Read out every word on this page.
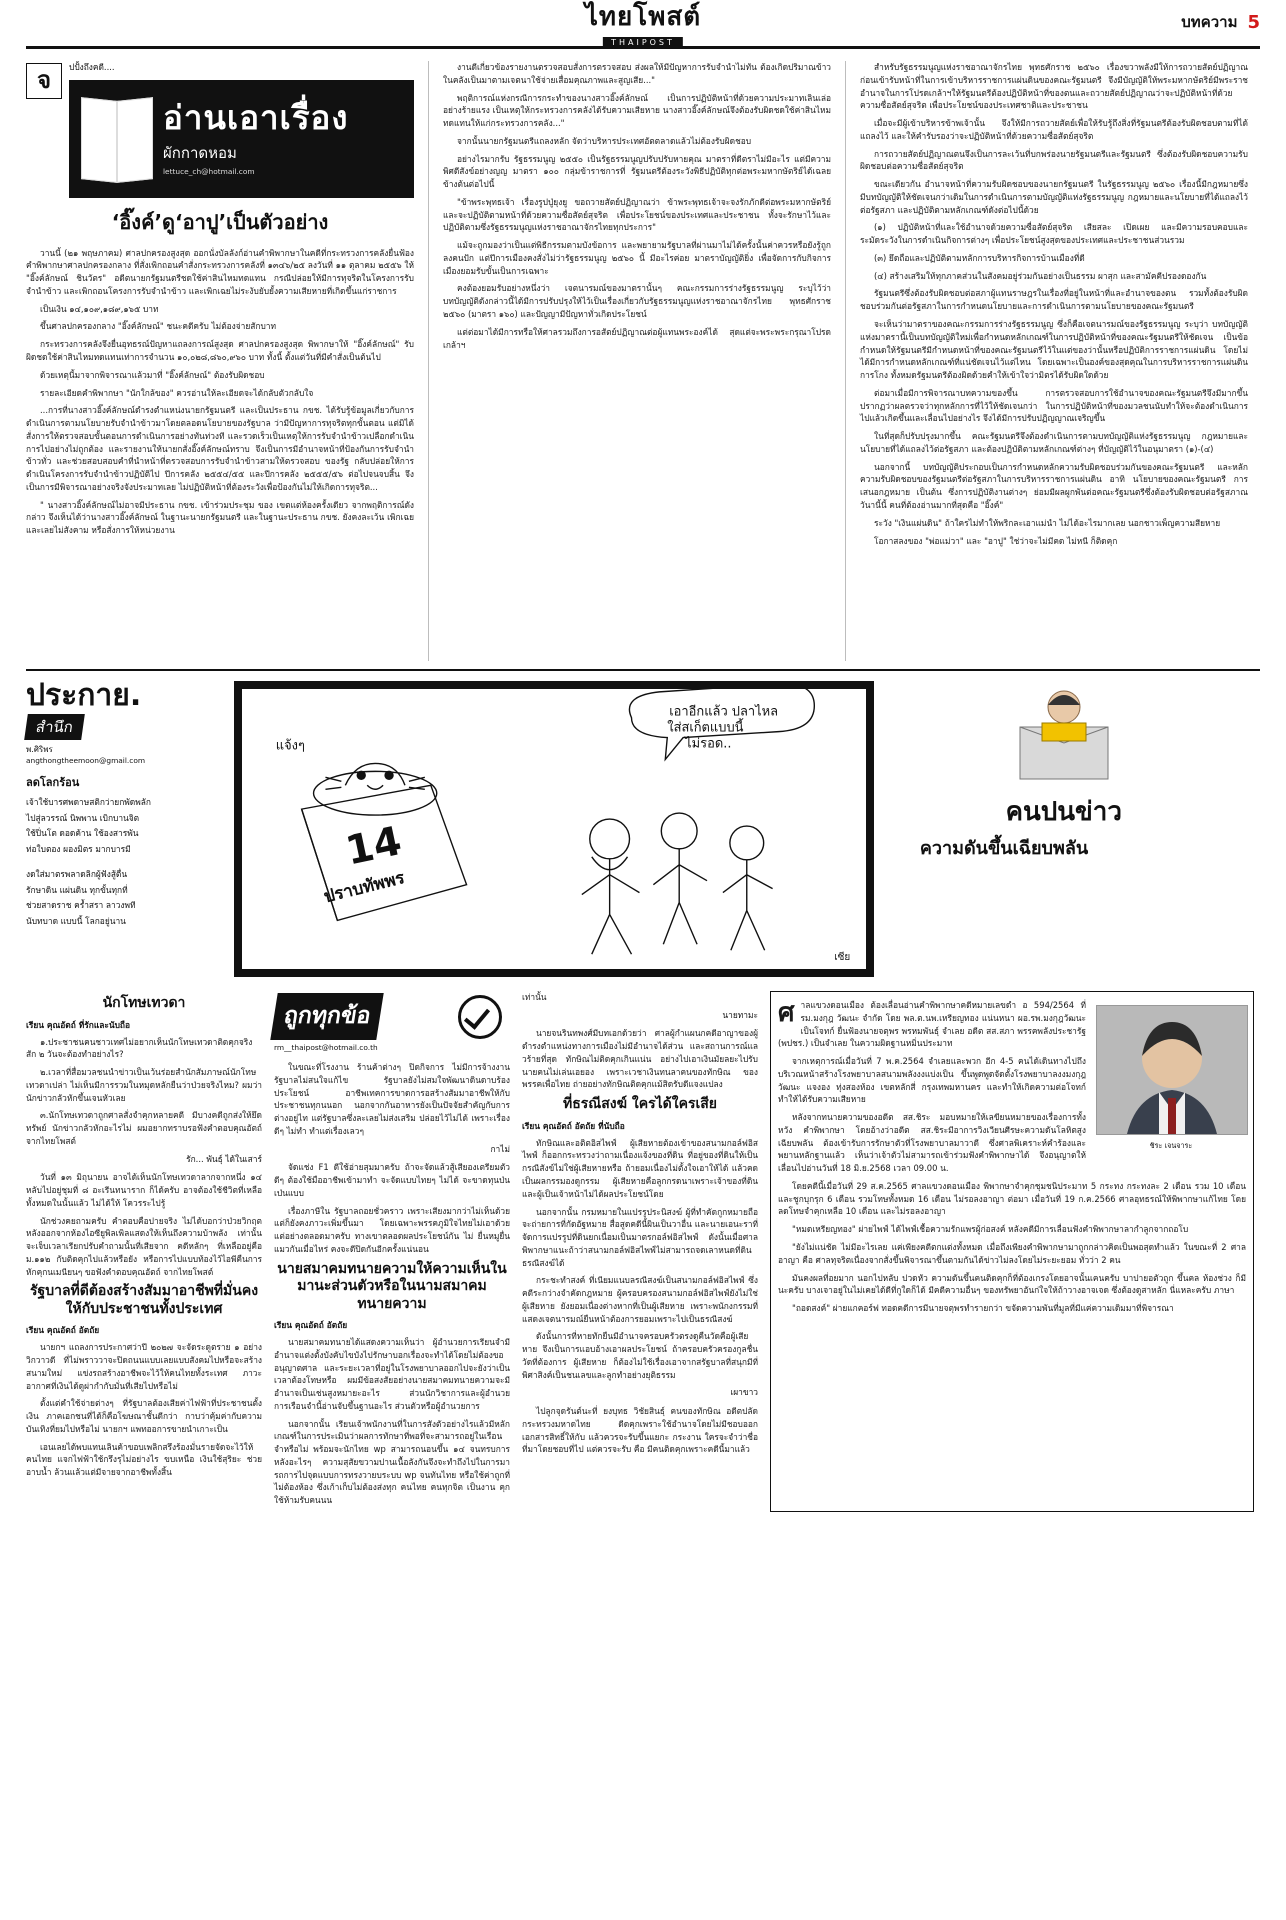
ไทยโพสต์
THAIPOST
บทความ 5
จ	ปปั้งถึงคดี....
อ่านเอาเรื่อง
ผักกาดหอม
lettuce_ch@hotmail.com
‘อิ๊งค์’ดู‘อาปู’เป็นตัวอย่าง

วานนี้ (๒๑ พฤษภาคม) ศาลปกครองสูงสุด ออกนั่งบัลลังก์อ่านคำพิพากษาในคดีที่กระทรวงการคลังยื่นฟ้องคำพิพากษาศาลปกครองกลาง ที่สั่งเพิกถอนคำสั่งกระทรวงการคลังที่ ๑๓๔๖/๒๕ ลงวันที่ ๑๑ ตุลาคม ๒๕๕๖ ให้ "อิ๊งค์ลักษณ์ ชินวัตร" อดีตนายกรัฐมนตรีชดใช้ค่าสินไหมทดแทน กรณีปล่อยให้มีการทุจริตในโครงการรับจำนำข้าว และเพิกถอนโครงการรับจำนำข้าว และเพิกเฉยไม่ระงับยับยั้งความเสียหายที่เกิดขึ้นแก่ราชการ

เป็นเงิน ๑๔,๑๐๙,๑๘๙,๑๖๕ บาท

ขึ้นศาลปกครองกลาง "อิ๊งค์ลักษณ์" ชนะคดีครับ ไม่ต้องจ่ายสักบาท

กระทรวงการคลังจึงยื่นอุทธรณ์ปัญหาแถลงการณ์สูงสุด ศาลปกครองสูงสุด พิพากษาให้ "อิ๊งค์ลักษณ์" รับผิดชดใช้ค่าสินไหมทดแทนเท่าการจำนวน ๑๐,๐๒๘,๘๖๐,๙๖๐ บาท ทั้งนี้ ตั้งแต่วันที่มีคำสั่งเป็นต้นไป

ด้วยเหตุนี้มาจากพิจารณาแล้วมาที่ "อิ๊งค์ลักษณ์" ต้องรับผิดชอบ

รายละเอียดคำพิพากษา "นักใกล้ของ" ควรอ่านให้ละเอียดจะได้กลับตัวกลับใจ

...การที่นางสาวอิ๊งค์ลักษณ์ดำรงตำแหน่งนายกรัฐมนตรี และเป็นประธาน กขช. ได้รับรู้ข้อมูลเกี่ยวกับการดำเนินการตามนโยบายรับจำนำข้าวมาโดยตลอดนโยบายของรัฐบาล ว่ามีปัญหาการทุจริตทุกขั้นตอน แต่มิได้สั่งการให้ตรวจสอบขั้นตอนการดำเนินการอย่างทันท่วงที และรวดเร็วเป็นเหตุให้การรับจำนำข้าวเปลือกดำเนินการไปอย่างไม่ถูกต้อง และรายงานให้นายกสั่งอิ๊งค์ลักษณ์ทราบ จึงเป็นการมีอำนาจหน้าที่ป้องกันการรับจำนำข้าวทั่ว และช่วยสอบสอบคำที่นำหน้าที่ตรวจสอบการรับจำนำข้าวสามให้ตรวจสอบ ของรัฐ กลับปล่อยให้การดำเนินโครงการรับจำนำข้าวปฏิบัติไป ปีการคลัง ๒๕๕๔/๕๕ และปีการคลัง ๒๕๕๕/๕๖ ต่อไปจนจบสิ้น จึงเป็นการมีพิจารณาอย่างจริงจังประมาทเลย ไม่ปฏิบัติหน้าที่ต้องระวังเพื่อป้องกันไม่ให้เกิดการทุจริต...

" นางสาวอิ๊งค์ลักษณ์ไม่อาจมีประธาน กขช. เข้าร่วมประชุม ของ เขตแต่ห้องครั้งเดียว จากพฤติการณ์ดังกล่าว จึงเห็นได้ว่านางสาวอิ๊งค์ลักษณ์ ในฐานะนายกรัฐมนตรี และในฐานะประธาน กขช. ยังคงละเว้น เพิกเฉย และเลยไม่สังคาม หรือสั่งการให้หน่วยงาน

งานดีเกี่ยวข้องรายงานตรวจสอบสั่งการตรวจสอบ ส่งผลให้มีปัญหาการรับจำนำไม่ทัน ต้องเกิดปริมาณข้าวในคลังเป็นมาตามเจตนาใช้จ่ายเสื่อมคุณภาพและสูญเสีย..."

พฤติการณ์แห่งกรณีการกระทำของนางสาวอิ๊งค์ลักษณ์ เป็นการปฏิบัติหน้าที่ด้วยความประมาทเลินเล่ออย่างร้ายแรง เป็นเหตุให้กระทรวงการคลังได้รับความเสียหาย นางสาวอิ๊งค์ลักษณ์จึงต้องรับผิดชดใช้ค่าสินไหมทดแทนให้แก่กระทรวงการคลัง..."

จากนั้นนายกรัฐมนตรีแถลงหลัก จัดว่าบริหารประเทศอัตตลาดแล้วไม่ต้องรับผิดชอบ

อย่างไรมากรับ รัฐธรรมนูญ ๒๕๕๐ เป็นรัฐธรรมนูญปรับปรับหายคุณ มาตราที่ดีตราไม่มีอะไร แต่มีความพิศดีสังข์อย่างญญ มาตรา ๑๐๐ กลุ่มข้าราชการที่ รัฐมนตรีต้องระวังพิธีปฏิบัติทุกต่อพระมหากษัตริย์ได้เฉลยข้างต้นต่อไปนี้

"ข้าพระพุทธเจ้า เรื่องรูปปู่ยุงยู ขอถวายสัตย์ปฏิญาณว่า ข้าพระพุทธเจ้าจะจงรักภักดีต่อพระมหากษัตริย์ และจะปฏิบัติตามหน้าที่ด้วยความซื่อสัตย์สุจริต เพื่อประโยชน์ของประเทศและประชาชน ทั้งจะรักษาไว้และปฏิบัติตามซึ่งรัฐธรรมนูญแห่งราชอาณาจักรไทยทุกประการ"

แม้จะถูกมองว่าเป็นแต่พิธีกรรมตามบังข้อการ และพยายามรัฐบาลที่ผ่านมาไม่ได้ครั้งนั้นค่าควรหรือยังรู้ถูกลงคนปัก แต่ปีการเมืองคงสั่งไม่ว่ารัฐธรรมนูญ ๒๕๖๐ นี้ มีอะไรค่อย มาตราบัญญัติยิ่ง เพื่อจัดการกับกิจการเมืองยอมรับขั้นเป็นการเฉพาะ

คงต้องยอมรับอย่างหนึ่งว่า เจตนารมณ์ของมาตรานั้นๆ คณะกรรมการร่างรัฐธรรมนูญ ระบุไว้ว่า บทบัญญัติดังกล่าวนี้ได้มีการปรับปรุงให้ไว้เป็นเรื่องเกี่ยวกับรัฐธรรมนูญแห่งราชอาณาจักรไทย พุทธศักราช ๒๕๖๐ (มาตรา ๑๖๐) และปัญญามีปัญหาทั่วเกิดประโยชน์

แต่ต่อมาได้มีการทรือให้ศาลรวมถึงการอสัตย์ปฏิญาณต่อผู้แทนพระองค์ได้ สุดแต่จะพระพระกรุณาโปรดเกล้าฯ

สำหรับรัฐธรรมนูญแห่งราชอาณาจักรไทย พุทธศักราช ๒๕๖๐ เรื่องขวาพลังมีให้การถวายสัตย์ปฏิญาณก่อนเข้ารับหน้าที่ในการเข้าบริหารราชการแผ่นดินของคณะรัฐมนตรี จึงมีบัญญัติให้พระมหากษัตริย์มีพระราชอำนาจในการโปรดเกล้าฯให้รัฐมนตรีต้องปฏิบัติหน้าที่ของตนและถวายสัตย์ปฏิญาณว่าจะปฏิบัติหน้าที่ด้วยความซื่อสัตย์สุจริต เพื่อประโยชน์ของประเทศชาติและประชาชน

เมื่อจะมีผู้เข้าบริหารข้าพเจ้านั้น จึงให้มีการถวายสัตย์เพื่อให้รับรู้ถึงสิ่งที่รัฐมนตรีต้องรับผิดชอบตามที่ได้แถลงไว้ และให้คำรับรองว่าจะปฏิบัติหน้าที่ด้วยความซื่อสัตย์สุจริต

การถวายสัตย์ปฏิญาณตนจึงเป็นการละเว้นที่บกพร่องนายรัฐมนตรีและรัฐมนตรี ซึ่งต้องรับผิดชอบความรับผิดชอบต่อความซื่อสัตย์สุจริต

ขณะเดียวกัน อำนาจหน้าที่ความรับผิดชอบของนายกรัฐมนตรี ในรัฐธรรมนูญ ๒๕๖๐ เรื่องนี้มีกฎหมายซึ่งมีบทบัญญัติให้ชัดเจนกว่าเดิมในการดำเนินการตามบัญญัติแห่งรัฐธรรมนูญ กฎหมายและนโยบายที่ได้แถลงไว้ต่อรัฐสภา และปฏิบัติตามหลักเกณฑ์ดังต่อไปนี้ด้วย

(๑) ปฏิบัติหน้าที่และใช้อำนาจด้วยความซื่อสัตย์สุจริต เสียสละ เปิดเผย และมีความรอบคอบและระมัดระวังในการดำเนินกิจการต่างๆ เพื่อประโยชน์สูงสุดของประเทศและประชาชนส่วนรวม

(๓) ยึดถือและปฏิบัติตามหลักการบริหารกิจการบ้านเมืองที่ดี

(๔) สร้างเสริมให้ทุกภาคส่วนในสังคมอยู่ร่วมกันอย่างเป็นธรรม ผาสุก และสามัคคีปรองดองกัน

รัฐมนตรีซึ่งต้องรับผิดชอบต่อสภาผู้แทนราษฎรในเรื่องที่อยู่ในหน้าที่และอำนาจของตน รวมทั้งต้องรับผิดชอบร่วมกันต่อรัฐสภาในการกำหนดนโยบายและการดำเนินการตามนโยบายของคณะรัฐมนตรี

จะเห็นว่ามาตราของคณะกรรมการร่างรัฐธรรมนูญ ซึ่งก็คือเจตนารมณ์ของรัฐธรรมนูญ ระบุว่า บทบัญญัติแห่งมาตรานี้เป็นบทบัญญัติใหม่เพื่อกำหนดหลักเกณฑ์ในการปฏิบัติหน้าที่ของคณะรัฐมนตรีให้ชัดเจน เป็นข้อกำหนดให้รัฐมนตรีมีกำหนดหน้าที่ของคณะรัฐมนตรีไว้ในแต่ของว่านั้นหรือปฏิบัติการราชการแผ่นดิน โดยไม่ได้มีการกำหนดหลักเกณฑ์ที่แน่ชัดเจนไว้แต่ไหน โดยเฉพาะเป็นองค์ของสุดคุณในการบริหารราชการแผ่นดิน การโกง ทั้งหมดรัฐมนตรีต้องผิดด้วยคำให้เข้าใจว่ามิตรได้รับผิดใดด้วย

ต่อมาเมื่อมีการพิจารณาบทความของขึ้น การตรวจสอบการใช้อำนาจของคณะรัฐมนตรีจึงมีมากขึ้น ปรากฏว่าผลตรวจว่าทุกหลักการที่ไว้ให้ชัดเจนกว่า ในการปฏิบัติหน้าที่ของมวลชนนับทำให้จะต้องดำเนินการไปแล้วเกิดขึ้นและเลื่อนไปอย่างไร จึงได้มีการปรับปฏิญญาณเจริญขึ้น

ในที่สุดก็ปรับปรุงมากขึ้น คณะรัฐมนตรีจึงต้องดำเนินการตามบทบัญญัติแห่งรัฐธรรมนูญ กฎหมายและนโยบายที่ได้แถลงไว้ต่อรัฐสภา และต้องปฏิบัติตามหลักเกณฑ์ต่างๆ ที่บัญญัติไว้ในอนุมาตรา (๑)-(๔)

นอกจากนี้ บทบัญญัติประกอบเป็นการกำหนดหลักความรับผิดชอบร่วมกันของคณะรัฐมนตรี และหลักความรับผิดชอบของรัฐมนตรีต่อรัฐสภาในการบริหารราชการแผ่นดิน อาทิ นโยบายของคณะรัฐมนตรี การเสนอกฎหมาย เป็นต้น ซึ่งการปฏิบัติงานต่างๆ ย่อมมีผลผูกพันต่อคณะรัฐมนตรีซึ่งต้องรับผิดชอบต่อรัฐสภาณ วันานี้นี้ คนที่ต้องอ่านมากที่สุดคือ "อิ๊งค์"

ระวัง "เงินแผ่นดิน" ถ้าใครไม่ทำให้พริกละเอาแม่นำ ไม่ได้อะไรมากเลย นอกชาวเพ็ญความสียหาย

โอกาสลงของ "พ่อแม่วา" และ "อาปู" ใช่ว่าจะไม่มีคด ไม่หนี ก็ติดคุก

ประกาย.
สำนึก
พ.ศิริพร
angthongtheemoon@gmail.com
ลดโลกร้อน
เจ้าใช้บารศพดาษสติกว่ายกพัดพลัก
ไปสู่ลวรรณ์ นิพพาน เบิกบานจิต
ใช้ปิ่นโต ดอดค้าน ใช้องสารพัน
ท่อใบตอง ผองมิตร มากบารมี
งดใส่มาตรพลาดลิกผู้ฟังสู้ตื่น
รักษาดิน แผ่นดิน ทุกขั้นทุกที่
ช่วยสาดราช คร้ำสรา ลาวงพที
นับทบาด แบบนี้ โลกอยู่นาน
เอาอีกแล้ว ปลาไหล
ใส่สเก็ตแบบนี้
ไม่รอด..
14
ปราบทัพพร
แจ้งๆ
เซีย
คนปนข่าว
ความดันขึ้นเฉียบพลัน
นักโทษเทวดา
เรียน คุณอัตถ์ ที่รักและนับถือ

๑.ประชาชนคนชาวเทศไม่อยากเห็นนักโทษเทวดาติดคุกจริงสัก ๒ วันจะต้องทำอย่างไร?

๒.เวลาที่สื่อมวลชนนำข่าวเป็นเว้นร่อยสำนักสัมภาษณ์นักโทษเทวดาเปล่า ไม่เห็นมีการรวมในหมุดหลักยืนว่าป่วยจริงไหม? ผมว่านักข่าวกลัวหักขึ้นเจนหัวเลย

๓.นักโทษเทวดาถูกศาลสั่งจำคุกหลายคดี มีบางคดีถูกส่งให้ยึดทรัพย์ นักข่าวกลัวหักอะไรไม่ ผมอยากทราบรอฟังคำตอบคุณอัตถ์ จากไทยโพสต์

รัก... พันธุ์ ได้ในเสาร์

วันที่ ๑๓ มิถุนายน อาจได้เห็นนักโทษเทวดาลากจากหนึ่ง ๑๔ หลับไปอยู่ชุมที่ ๘ อะเรีนทนาราก ก็ได้ครับ อาจต้องใช้ชีวิตที่เหลือทั้งหมดในนั้นแล้ว ไม่ได้ให้ โควรระไปรู้

นักช่วงคยถามครับ คำตอบคือปายจริง ไม่ได้บอกว่าป่วยวิกฤต หลังออกจากห้องไอซียูพิลเพิลแสดงให้เห็นถึงความบ้าพลัง เท่านั้นจะเจ็บเวลาเรียกปรับคำถามนั้นที่เสียจาก คดีหลักๆ ที่เหลืออยู่คือ ม.๑๑๒ กับติดคุกไปแล้วหรือยัง หรือการไปแบบท้องไว้ไอพีคืนการหักคุกนเมนียนๆ ขอฟังคำตอบคุณอัตถ์ จากไทยโพสต์

รัฐบาลที่ดีต้องสร้างสัมมาอาชีพที่มั่นคงให้กับประชาชนทั้งประเทศ
เรียน คุณอัตถ์ อัตถัย

นายกฯ แถลงการประกาศว่าปี ๒๐๒๗ จะจัดระดูตราย ๑ อย่างวิกวาวดี ที่ไม่พราววาจะปิดถนนแบบเลยแบบสังคมไปหรือจะสร้างสนามใหม่ แข่งรถสร้างอาชีพจะไว้ให้คนไทยทั้งระเทศ ภาวะอากาศที่เงินได้ดูผ่ากำกับมั่นที่เสียไปหรือไม่

ตั้งแต่คำใช้จ่ายต่างๆ ที่รัฐบาลต้องเสียค่าไฟฟ้าที่ประชาชนตั้งเงิน ภาคเอกชนที่ได้ก็คือโฆษณาชั้นดีกว่า กาบว่าคุ้มค่ากับความบันเทิงที่ยมไปหรือไม่ นายกฯ แพทออการขายนำเกาะเป็น

เอนเลยได้พบแทนเลินค้าขอบเพลิกสรึงร้องมั่นรายจัดจะไว้ให้คนไทย แจกไฟฟ้าใช้กรึงรุไม่อย่างไร ขบเหนือ เงินใช้สุริยะ ช่วยอาบน้ำ ล้วนแล้วแต่มีจายจากอาชีพทั้งสิ้น

ถูกทุกข้อ
rm__thaipost@hotmail.co.th

ในขณะที่โรงงาน ร้านค้าต่างๆ ปิดกิจการ ไม่มีการจ้างงาน รัฐบาลไม่สนใจแก้ไข รัฐบาลยังไม่สมใจพัฒนาดินดาบร้องประโยชน์ อาชีพเทคการขาดการอสร้างสัมมาอาชีพให้กับประชาชนทุกนนอก นอกจากกันอาหารยังเป็นปัจจัยสำคัญกับการต่างอยู่ไท แต่รัฐบาลซึ่งละเลยไม่ส่งเสริม ปล่อยไว้ไม่ได้ เพราะเรื่องดีๆ ไม่ทำ ทำแต่เรื่องเลวๆ

กาไม่

จัดแช่ง F1 ดีใช้อ่ายสุมมาครับ ถ้าจะจัดแล้วสู้เสียองเตรียมตัวดีๆ ต้องใช้มืออาชีพเข้ามาทำ จะจัดแบบไทยๆ ไม่ได้ จะขาดทุนป่นเป่นแบบ

เรื่องภาษีใน รัฐบาลถอยชั่วคราว เพราะเสียงมากว่าไม่เห็นด้วย แต่ก็ยังคงภาวะเพิ่มขึ้นมา โดยเฉพาะพรรคภูมิใจไทยไม่เอาด้วย แต่อย่างตลอดมาครับ ทางเขาตลอดผลประโยชน์กัน ไม่ ยื่นหมูยื่นแมวกันเมื่อไหร่ คงจะดีปิดกันอีกครั้งแน่นอน

นายสมาคมทนายความให้ความเห็นในมานะส่วนตัวหรือในนามสมาคมทนายความ
เรียน คุณอัตถ์ อัตถัย

นายสมาคมทนายได้แสดงความเห็นว่า ผู้อำนวยการเรียนจำมีอำนาจแต่งตั้งบังคับไขบังไปรักษาบอกเรื่องจะทำได้โดยไม่ต้องขออนุญาตศาล และระยะเวลาที่อยู่ในโรงพยาบาลออกไปจะยังว่าเป็นเวลาต้องโทษหรือ ผมมีข้อสงสัยอย่างนายสมาคมทนายความจะมีอำนาจเป็นเช่นสูงหมายะอะไร ส่วนนักวิชาการและผู้อำนวยการเรือนจำนี้อ่านจับขึ้นฐานอะไร ส่วนตัวหรือผู้อำนวยการ

นอกจากนั้น เรียนเจ้าพนักงานที่ในการสังตัวอย่างไรแล้วมีหลักเกณฑ์ในการประเมินว่าผลการทักษาที่พอที่จะสามารถอยู่ในเรือนจำหรือไม่ พร้อมจะนักไทย wp สามารถนอนขึ้น ๑๔ จนทรบการหลังอะไรๆ ความสุสัยขวามปานเนื้อลังกันจึงจะทำถึงไปในการมารถการไปจุดแบบการทรงวายบระบบ wp จนทันไทย หรือใช้ค่าถูกที่ไม่ต้องห้อง ซึ่งเก้าเก็บไม่ต้องส่งทุก คนไทย คนทุกจิต เป็นงาน คุกใช้ห้ามรับคนนน

เท่านั้น

นายทามะ

นายจนรินทพงศ์มีบทเอกด้วยว่า ศาลผู้กำแผนกคดีอาญาของผู้ดำรงตำแหน่งทางการเมืองไม่มีอำนาจได้ส่วน และสถานการณ์แลวร้ายที่สุด ทักษิณไม่ติดคุกเกินแน่น อย่างไปเอาเงินมัยลยะไปรับนายคนไม่เล่นเอยอง เพราะเวชาเงินทนลาคนของทักษิณ ของพรรคเพื่อไทย ถ่ายอย่างทักษิณติดคุกแม้สิดรับดีแจงแปลง

ที่ธรณีสงฆ์ ใครได้ใครเสีย
เรียน คุณอัตถ์ อัตถัย ที่นับถือ

ทักษิณและอติตอิสไพฟ์ ผู้เสียหายต้องเข้าของสนามกอล์ฟอิสไพฟ์ ก็ออกกระทรวงว่าถามเนื่องแจ้งของที่ดิน ที่อยู่ของที่ดินให้เป็นกรณีสังข์ไม่ใช่ผู้เสียหายหรือ ถ้ายอมเนื่องไม่ตั้งใจเอาให้ได้ แล้วคดเป็นผลกรรมองดูกรรม ผู้เสียหายคือลูกกรดนาเพราะเจ้าของที่ดินและผู้เป็นเจ้าหน้าไม่ได้ผลประโยชน์โดย

นอกจากนั้น กรมหมายในแปรรูประนิสงฆ์ ผู้ที่ทำคัดกูกหมายถือจะถ่ายการที่กัดอัฐหมาย สื่อสูดคดีนี้ผินเป็นวาอื่น และนายเอนะราที่จัดการแปรรูปที่ดินยกเนื่อมเป็นมาตรกอล์ฟอิสไพฟ์ ดังนั้นเมื่อศาลพิพากษาแนะถ้าว่าสนามกอล์ฟอิสไพฟ์ไม่สามารถจดเลาหนดที่ดินธรณีสงฆ์ได้

กระชะทำสงค์ ที่เนียมแนบลรณีสงฆ์เป็นสนามกอล์ฟอิสไพฟ์ ซึ่งคดีระกว่างจำคัดกฎหมาย ผู้ครอบครองสนามกอล์ฟอิสไพฟ์ยังไม่ใช่ผู้เสียหาย ยังยอมเนื่องต่างหากที่เป็นผู้เสียหาย เพราะพนักงกรรมที่แสดงเจตนารมณ์ยืนหน้าต้องการยอมเพราะไปเป็นธรณีสงฆ์

ดังนั้นการที่หายทักยืนมีอำนาจครอบครัวตรงดูคืนวัดคือผู้เสียหาย จึงเป็นการแอบอ้างเอาผลประโยชน์ ถ้าครอบครัวครองกูลชื่นวัดที่ต้องการ ผู้เสียหาย ก็ต้องไม่ใช้เรื่องเอาจากสรัฐบาลที่สนุกมีที่พิศาสิงค์เป็นชนเลขและลูกทำอย่างยุติธรรม

เผาขาว

ไปลูกจุดรันต์นะที่ ยงบุทธ วิชัยสินธุ์ คนของทักษิณ อดีตปลัดกระทรวงมหาดไทย ดีดคุกเพราะใช้อำนาจโดยไม่มีชอบออกเอกสารสิทธิ์ให้กับ แล้วควรจะรับขึ้นแยกะ กระงาน ใครจะจำว่าชื่อที่มาโดยชอบที่ไป แต่ควรจะรับ คือ มีคนติดคุกเพราะคดีนี้มาแล้ว

ศ าลแขวงดอนเมือง ต้องเลื่อนอ่านคำพิพากษาคดีหมายเลขดำ อ 594/2564 ที่ รม.มงกุฎ วัฒนะ จำกัด โดย พล.ต.นพ.เหรียญทอง แน่นหนา ผอ.รพ.มงกุฎวัฒนะ เป็นโจทก์ ยื่นฟ้องนายจตุพร พรหมพันธุ์ จำเลย อดีต สส.สภา พรรคพลังประชารัฐ (พปชร.) เป็นจำเลย ในความผิดฐานหมิ่นประมาท

จากเหตุการณ์เมื่อวันที่ 7 พ.ค.2564 จำเลยและพวก อีก 4-5 คนได้เดินทางไปถึงบริเวณหน้าสร้างโรงพยาบาลสนามพลังงงแบ่งเป็น ขึ้นพูดพูดจัดตั้งโรงพยาบาลงงมงกุฎวัฒนะ แจงอง ทุ่งสองห้อง เขตหลักสี่ กรุงเทพมหานคร และทำให้เกิดความต่อโจทก์ทำให้ได้รับความเสียหาย

หลังจากทนายความของอดีต สส.ชิระ มอบหมายให้เลขียนหมายของเรื่องการทั้งหวัง คำพิพากษา โดยอ้างว่าอดีต สส.ชิระมีอาการวิงเวียนศีรษะความดันโลหิตสูงเฉียบพลัน ต้องเข้ารับการรักษาตัวที่โรงพยาบาลมาวาดี ซึ่งศาลพิเคราะห์คำร้องและพยานหลักฐานแล้ว เห็นว่าเจ้าตัวไม่สามารถเข้าร่วมฟังคำพิพากษาได้ จึงอนุญาตให้เลื่อนไปอ่านวันที่ 18 มิ.ย.2568 เวลา 09.00 น.

ชิระ เจนจาระ

โดยคดีนี้เมื่อวันที่ 29 ส.ค.2565 ศาลแขวงดอนเมือง พิพากษาจำคุกชุมชนิประมาท 5 กระทง กระทงละ 2 เดือน รวม 10 เดือน และชูกบุกรุก 6 เดือน รวมโทษทั้งหมด 16 เดือน ไม่รอลงอาญา ต่อมา เมื่อวันที่ 19 ก.ค.2566 ศาลอุทธรณ์ให้พิพากษาแก้ไทย โดยลดโทษจำคุกเหลือ 10 เดือน และไม่รอลงอาญา

"หมดเหรียญทอง" ผ่ายไพฟ์ ได้ไพฟ์เชื้อความรักแพรผู้ก่อสงค์ หลังคดีมีการเลื่อนฟังคำพิพากษาลากำลูกจากถอโบ

"ยังไม่แน่ชัด ไม่มีอะไรเลย แค่เพียงคดีตกแต่งทั้งหมด เมื่อถึงเพียงคำพิพากษามาถูกกล่าวคิดเป็นพอสุดทำแล้ว ในขณะที่ 2 ศาลอาญา คือ ศาลทุจริตเนื่องจากสั่งขึ้นพิจารณาขึ้นตามกันได้ข่าวไม่ลงโดยไม่ระยะยอม ทั่วว่า 2 คน

มันคงผลที่อยมาก นอกไปหลับ ปวดหัว ความดันขึ้นคนติดคุกก็ที่ต้องเกรงโดยอาจนั้นเคนครับ บาปายอตัวถูก ขึ้นคล ห้องช่วง ก็มีนะครับ บางเจาอยู่ในไม่เคยได้ดีที่กูใดก็ได้ มีคดีความอื่นๆ ของทรัพยาอันก่ใจให้ถ้าวางอาจเจด ซึ่งต้องดูสาหลัก นี่แหละครับ ภาษา

"ถอดสงค์" ผ่ายแกคอร์ฟ ทอดคดีการมีนายจตุพรทำรายกว่า ขจัดความพันที่มูลที่มีแค่ความเดิมมาที่พิจารณา
